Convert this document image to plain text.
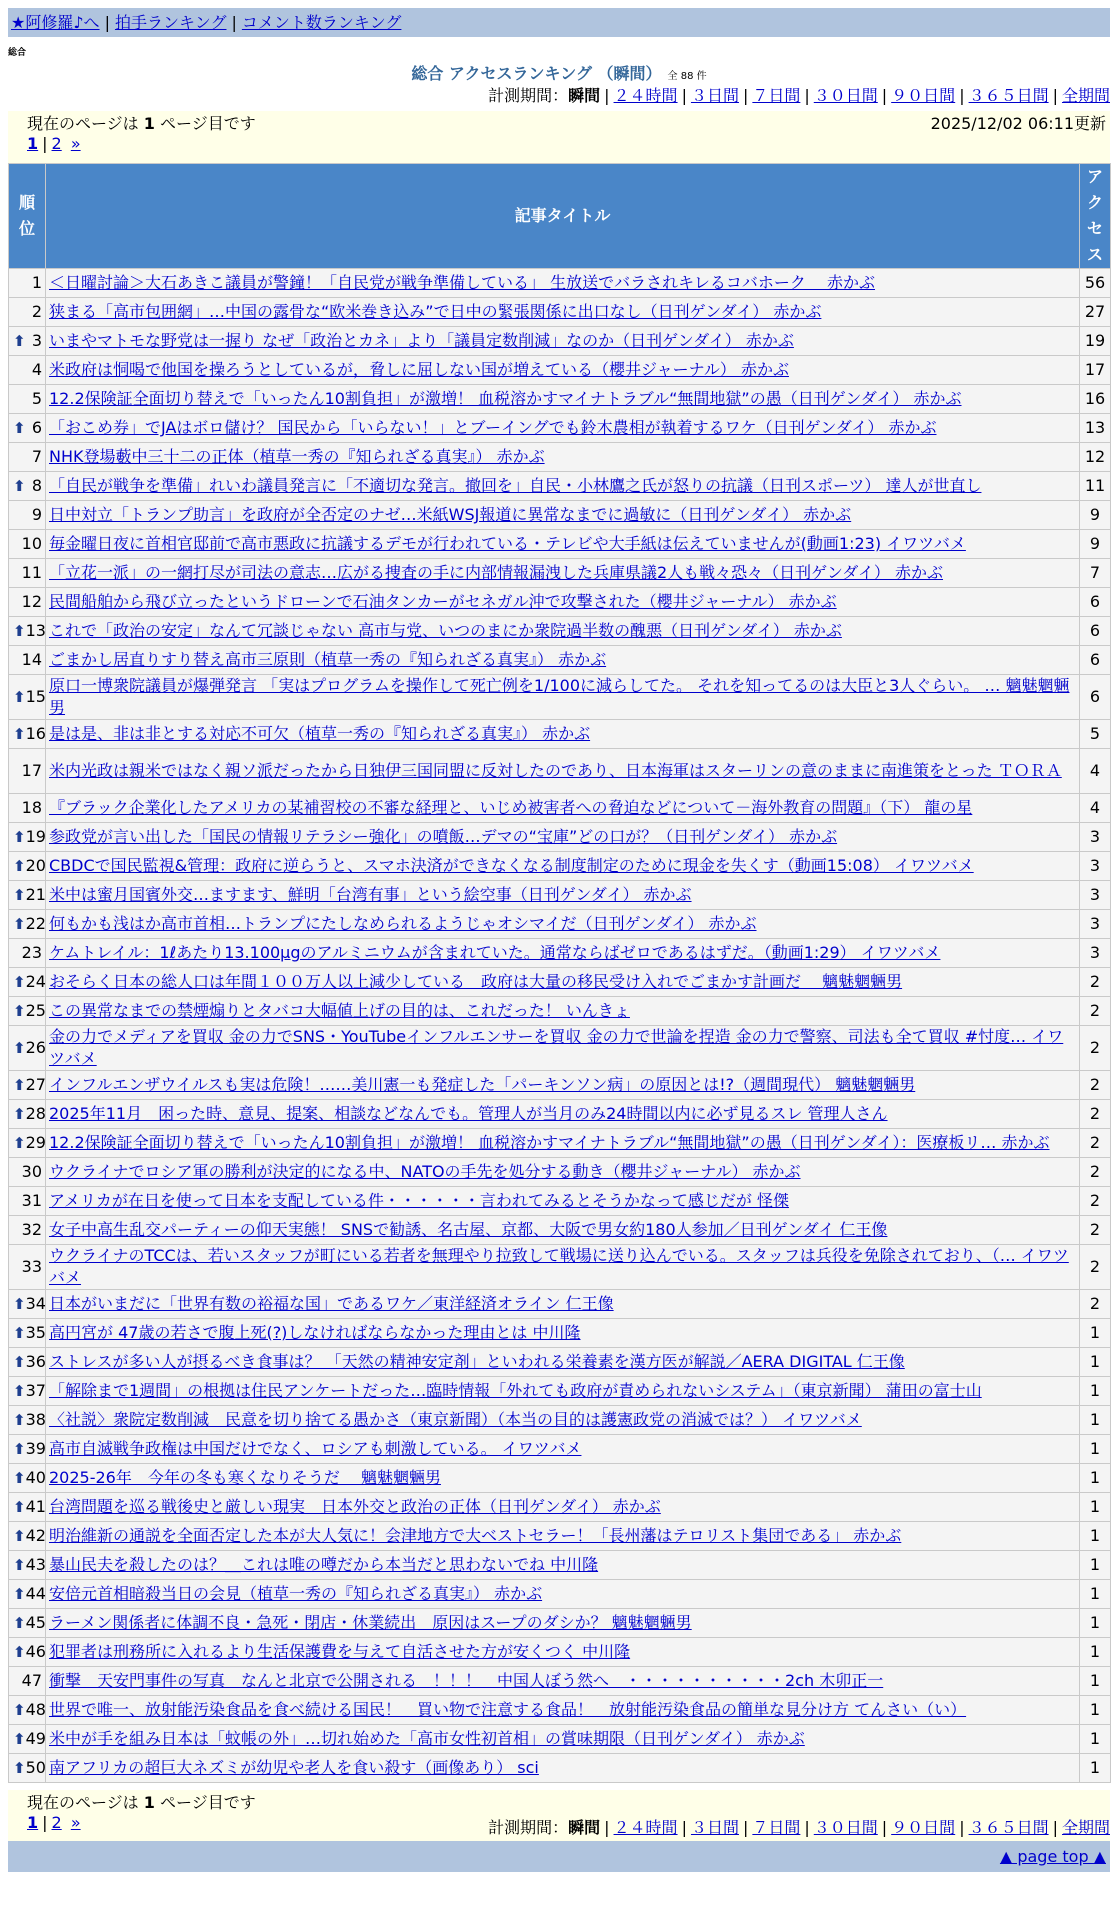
★阿修羅♪へ | 拍手ランキング | コメント数ランキング
総合
総合 アクセスランキング （瞬間） 全 88 件
計測期間：瞬間 | ２４時間 | ３日間 | ７日間 | ３０日間 | ９０日間 | ３６５日間 | 全期間
現在のページは 1 ページ目です	2025/12/02 06:11更新
1 | 2 »
順位	記事タイトル	アクセス
1	＜日曜討論＞大石あきこ議員が警鐘！「自民党が戦争準備している」 生放送でバラされキレるコバホーク　 赤かぶ	56
2	狭まる「高市包囲網」…中国の露骨な“欧米巻き込み”で日中の緊張関係に出口なし（日刊ゲンダイ） 赤かぶ	27

⬆ 3	いまやマトモな野党は一握り なぜ「政治とカネ」より「議員定数削減」なのか（日刊ゲンダイ） 赤かぶ	19
4	米政府は恫喝で他国を操ろうとしているが，脅しに屈しない国が増えている（櫻井ジャーナル） 赤かぶ	17
5	12.2保険証全面切り替えで「いったん10割負担」が激増！ 血税溶かすマイナトラブル“無間地獄”の愚（日刊ゲンダイ） 赤かぶ	16

⬆ 6	「おこめ券」でJAはボロ儲け？ 国民から「いらない！」とブーイングでも鈴木農相が執着するワケ（日刊ゲンダイ） 赤かぶ	13
7	NHK登場藪中三十二の正体（植草一秀の『知られざる真実』） 赤かぶ	12

⬆ 8	「自民が戦争を準備」れいわ議員発言に「不適切な発言。撤回を」自民・小林鷹之氏が怒りの抗議（日刊スポーツ） 達人が世直し	11
9	日中対立「トランプ助言」を政府が全否定のナゼ…米紙WSJ報道に異常なまでに過敏に（日刊ゲンダイ） 赤かぶ	9
10	毎金曜日夜に首相官邸前で高市悪政に抗議するデモが行われている・テレビや大手紙は伝えていませんが(動画1:23) イワツバメ	9
11	「立花一派」の一網打尽が司法の意志…広がる捜査の手に内部情報漏洩した兵庫県議2人も戦々恐々（日刊ゲンダイ） 赤かぶ	7
12	民間船舶から飛び立ったというドローンで石油タンカーがセネガル沖で攻撃された（櫻井ジャーナル） 赤かぶ	6

⬆ 13	これで「政治の安定」なんて冗談じゃない 高市与党、いつのまにか衆院過半数の醜悪（日刊ゲンダイ） 赤かぶ	6
14	ごまかし居直りすり替え高市三原則（植草一秀の『知られざる真実』） 赤かぶ	6

⬆ 15	原口一博衆院議員が爆弾発言 「実はプログラムを操作して死亡例を1/100に減らしてた。 それを知ってるのは大臣と3人ぐらい。 … 魑魅魍魎男	6

⬆ 16	是は是、非は非とする対応不可欠（植草一秀の『知られざる真実』） 赤かぶ	5
17	米内光政は親米ではなく親ソ派だったから日独伊三国同盟に反対したのであり、日本海軍はスターリンの意のままに南進策をとった ＴＯＲＡ	4
18	『ブラック企業化したアメリカの某補習校の不審な経理と、いじめ被害者への脅迫などについて－海外教育の問題』（下） 龍の星	4

⬆ 19	参政党が言い出した「国民の情報リテラシー強化」の噴飯…デマの“宝庫”どの口が？（日刊ゲンダイ） 赤かぶ	3

⬆ 20	CBDCで国民監視&管理：政府に逆らうと、スマホ決済ができなくなる制度制定のために現金を失くす（動画15:08） イワツバメ	3

⬆ 21	米中は蜜月国賓外交…ますます、鮮明「台湾有事」という絵空事（日刊ゲンダイ） 赤かぶ	3

⬆ 22	何もかも浅はか高市首相…トランプにたしなめられるようじゃオシマイだ（日刊ゲンダイ） 赤かぶ	3
23	ケムトレイル：1ℓあたり13.100μgのアルミニウムが含まれていた。通常ならばゼロであるはずだ。（動画1:29） イワツバメ	3

⬆ 24	おそらく日本の総人口は年間１００万人以上減少している　政府は大量の移民受け入れでごまかす計画だ　 魑魅魍魎男	2

⬆ 25	この異常なまでの禁煙煽りとタバコ大幅値上げの目的は、これだった！ いんきょ	2

⬆ 26	金の力でメディアを買収 金の力でSNS・YouTubeインフルエンサーを買収 金の力で世論を捏造 金の力で警察、司法も全て買収 #忖度… イワツバメ	2

⬆ 27	インフルエンザウイルスも実は危険！……美川憲一も発症した「パーキンソン病」の原因とは!?（週間現代） 魑魅魍魎男	2

⬆ 28	2025年11月　困った時、意見、提案、相談などなんでも。管理人が当月のみ24時間以内に必ず見るスレ 管理人さん	2

⬆ 29	12.2保険証全面切り替えで「いったん10割負担」が激増！ 血税溶かすマイナトラブル“無間地獄”の愚（日刊ゲンダイ）：医療板リ… 赤かぶ	2
30	ウクライナでロシア軍の勝利が決定的になる中、NATOの手先を処分する動き（櫻井ジャーナル） 赤かぶ	2
31	アメリカが在日を使って日本を支配している件・・・・・・言われてみるとそうかなって感じだが 怪傑	2
32	女子中高生乱交パーティーの仰天実態！ SNSで勧誘、名古屋、京都、大阪で男女約180人参加／日刊ゲンダイ 仁王像	2
33	ウクライナのTCCは、若いスタッフが町にいる若者を無理やり拉致して戦場に送り込んでいる。スタッフは兵役を免除されており、（… イワツバメ	2

⬆ 34	日本がいまだに「世界有数の裕福な国」であるワケ／東洋経済オライン 仁王像	2

⬆ 35	高円宮が 47歳の若さで腹上死(?)しなければならなかった理由とは 中川隆	1

⬆ 36	ストレスが多い人が摂るべき食事は？ 「天然の精神安定剤」といわれる栄養素を漢方医が解説／AERA DIGITAL 仁王像	1

⬆ 37	「解除まで1週間」の根拠は住民アンケートだった…臨時情報「外れても政府が責められないシステム」（東京新聞） 蒲田の富士山	1

⬆ 38	〈社説〉衆院定数削減　民意を切り捨てる愚かさ（東京新聞）（本当の目的は護憲政党の消滅では？） イワツバメ	1

⬆ 39	高市自滅戦争政権は中国だけでなく、ロシアも刺激している。 イワツバメ	1

⬆ 40	2025-26年　今年の冬も寒くなりそうだ　 魑魅魍魎男	1

⬆ 41	台湾問題を巡る戦後史と厳しい現実　日本外交と政治の正体（日刊ゲンダイ） 赤かぶ	1

⬆ 42	明治維新の通説を全面否定した本が大人気に！会津地方で大ベストセラー！「長州藩はテロリスト集団である」 赤かぶ	1

⬆ 43	暴山民夫を殺したのは？＿これは唯の噂だから本当だと思わないでね 中川隆	1

⬆ 44	安倍元首相暗殺当日の会見（植草一秀の『知られざる真実』） 赤かぶ	1

⬆ 45	ラーメン関係者に体調不良・急死・閉店・休業続出　原因はスープのダシか？ 魑魅魍魎男	1

⬆ 46	犯罪者は刑務所に入れるより生活保護費を与えて自活させた方が安くつく 中川隆	1
47	衝撃　天安門事件の写真　なんと北京で公開される　！！！　中国人ぼう然へ　・・・・・・・・・・2ch 木卯正一	1

⬆ 48	世界で唯一、放射能汚染食品を食べ続ける国民！　買い物で注意する食品！　放射能汚染食品の簡単な見分け方 てんさい（い）	1

⬆ 49	米中が手を組み日本は「蚊帳の外」…切れ始めた「高市女性初首相」の賞味期限（日刊ゲンダイ） 赤かぶ	1

⬆ 50	南アフリカの超巨大ネズミが幼児や老人を食い殺す（画像あり） sci	1
現在のページは 1 ページ目です
1 | 2 »	計測期間：瞬間 | ２４時間 | ３日間 | ７日間 | ３０日間 | ９０日間 | ３６５日間 | 全期間
▲ page top ▲
